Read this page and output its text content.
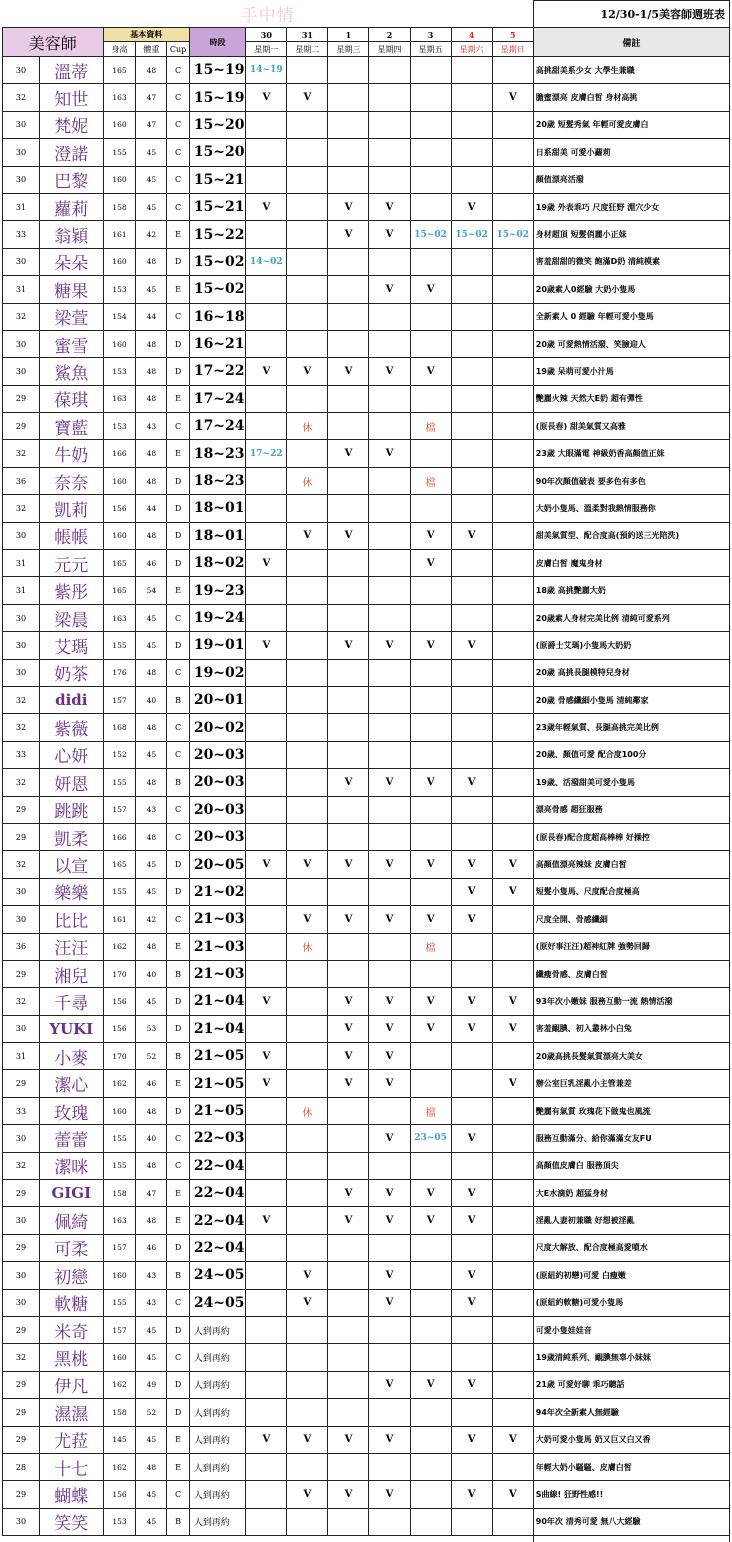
手中情													12/30-1/5美容師週班表
美容師		基本資料			時段	30	31	1	2	3	4	5	備註
		身高	體重	Cup		星期一	星期二	星期三	星期四	星期五	星期六	星期日	
30	溫蒂	165	48	C	15~19	14~19							高挑甜美系少女 大學生兼職
32	知世	163	47	C	15~19	V	V					V	膽蜜漂亮 皮膚白皙 身材高挑
30	梵妮	160	47	C	15~20								20歲 短髮秀氣 年輕可愛皮膚白
30	澄諾	155	45	C	15~20								日系甜美 可愛小蘿莉
30	巴黎	160	45	C	15~21								顏值漂亮活潑
31	蘿莉	158	45	C	15~21	V		V	V		V		19歲 外表乖巧 尺度狂野 淵穴少女
33	翁穎	161	42	E	15~22			V	V	15~02	15~02	15~02	身材超頂 短髮俏麗小正妹
30	朵朵	160	48	D	15~02	14~02							害羞甜甜的微笑 飽滿D奶 清純模素
31	糖果	153	45	E	15~02				V	V			20歲素人0經驗 大奶小隻馬
32	梁萱	154	44	C	16~18								全新素人 0 經驗 年輕可愛小隻馬
30	蜜雪	160	48	D	16~21								20歲 可愛熱情活潑、笑臉迎人
30	鯊魚	153	48	D	17~22	V	V	V	V	V			19歲 呆萌可愛小汁馬
29	葆琪	163	48	E	17~24								艷麗火辣 天然大E奶 超有彈性
29	寶藍	153	43	C	17~24		休			檔			(原長春) 甜美氣質又高雅
32	牛奶	166	48	E	18~23	17~22		V	V				23歲 大眼滿電 神級奶香高顏值正妹
36	奈奈	160	48	D	18~23		休			檔			90年次顏值破表 要多色有多色
32	凱莉	156	44	D	18~01								大奶小隻馬、溫柔對我熱情服務你
30	帳帳	160	48	D	18~01		V	V		V	V		甜美氣質型、配合度高(預約送三光陪洗)
31	元元	165	46	D	18~02	V				V			皮膚白皙 魔鬼身材
31	紫彤	165	54	E	19~23								18歲 高挑艷麗大奶
30	梁晨	163	45	C	19~24								20歲素人身材完美比例 清純可愛系列
30	艾瑪	155	45	D	19~01	V		V	V	V	V		(原爵士艾瑪)小隻馬大奶奶
30	奶茶	176	48	C	19~02								20歲 高挑長腿模特兒身材
32	didi	157	40	B	20~01								20歲 骨感纖細小隻馬 清純鄰家
32	紫薇	168	48	C	20~02								23歲年輕氣質、長腿高挑完美比例
33	心妍	152	45	C	20~03								20歲、顏值可愛 配合度100分
32	妍恩	155	48	B	20~03			V	V	V	V		19歲、活潑甜美可愛小隻馬
29	跳跳	157	43	C	20~03								漂亮骨感 超狂服務
29	凱柔	166	48	C	20~03								(原長春)配合度超高棒棒 好操控
32	以宣	165	45	D	20~05	V	V	V	V	V	V	V	高顏值漂亮辣妹 皮膚白皙
30	樂樂	155	45	D	21~02						V	V	短髮小隻馬、尺度配合度極高
30	比比	161	42	C	21~03		V	V	V	V	V		尺度全開、骨感纖細
36	汪汪	162	48	E	21~03		休			檔			(原好事汪汪)超神紅牌 強勢回歸
29	湘兒	170	40	B	21~03								纖瘦骨感、皮膚白皙
32	千尋	156	45	D	21~04	V		V	V	V	V	V	93年次小嫩妹 服務互動一流 熱情活潑
30	YUKI	156	53	D	21~04			V	V	V	V	V	害羞靦腆、初入叢林小白兔
31	小麥	170	52	B	21~05	V		V	V				20歲高挑長髮氣質漂亮大美女
29	潔心	162	46	E	21~05	V		V	V			V	辦公室巨乳淫亂小主管兼差
33	玫瑰	160	48	D	21~05		休			檔			艷麗有氣質 玫瑰花下做鬼也風流
30	蕾蕾	155	40	C	22~03				V	23~05	V		服務互動滿分、給你滿滿女友FU
32	潔咪	155	48	C	22~04								高顏值皮膚白 服務頂尖
29	GIGI	158	47	E	22~04			V	V	V	V		大E水滴奶 超猛身材
30	佩綺	163	48	E	22~04	V		V	V	V	V		淫亂人妻初兼職 好想被淫亂
29	可柔	157	46	D	22~04								尺度大解放、配合度極高愛噴水
30	初戀	160	43	B	24~05		V		V		V		(原紐約初戀)可愛 白瘦嫩
30	軟糖	155	43	C	24~05		V		V		V		(原紐約軟糖)可愛小隻馬
29	米奇	157	45	D	人到再約								可愛小隻娃娃音
32	黑桃	160	45	C	人到再約								19歲清純系列、靦腆無辜小妹妹
29	伊凡	162	49	D	人到再約				V	V	V		21歲 可愛好聊 乖巧聽話
29	濕濕	158	52	D	人到再約								94年次全新素人無經驗
29	尤菈	145	45	E	人到再約	V	V	V	V		V	V	大奶可愛小隻馬 奶又巨又白又香
28	十七	162	48	E	人到再約								年輕大奶小騷騷、皮膚白皙
29	蝴蝶	156	45	C	人到再約		V	V	V		V	V	S曲線! 狂野性感!!
30	笑笑	153	45	B	人到再約								90年次 清秀可愛 無八大經驗
